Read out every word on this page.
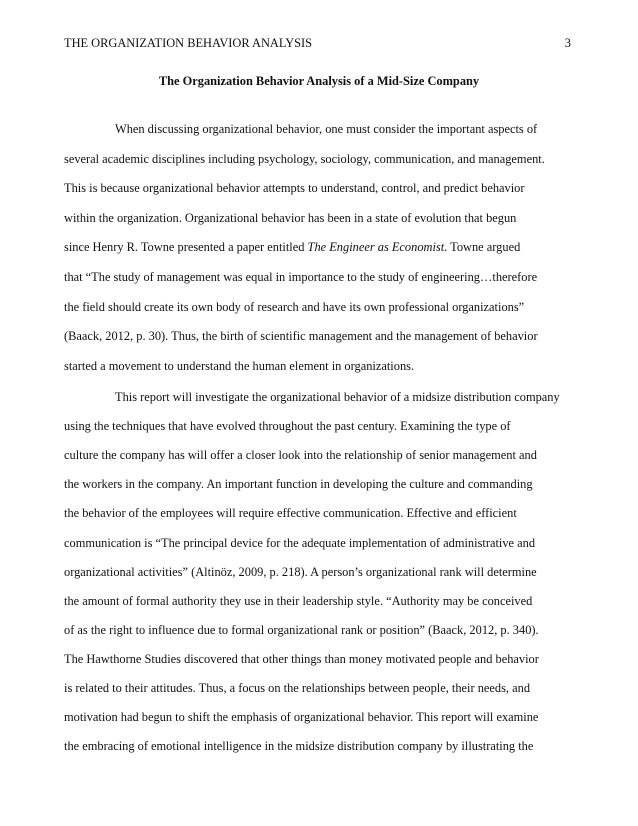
THE ORGANIZATION BEHAVIOR ANALYSIS	3
The Organization Behavior Analysis of a Mid-Size Company
When discussing organizational behavior, one must consider the important aspects of
several academic disciplines including psychology, sociology, communication, and management.
This is because organizational behavior attempts to understand, control, and predict behavior
within the organization. Organizational behavior has been in a state of evolution that begun
since Henry R. Towne presented a paper entitled The Engineer as Economist. Towne argued
that “The study of management was equal in importance to the study of engineering…therefore
the field should create its own body of research and have its own professional organizations”
(Baack, 2012, p. 30). Thus, the birth of scientific management and the management of behavior
started a movement to understand the human element in organizations.
This report will investigate the organizational behavior of a midsize distribution company
using the techniques that have evolved throughout the past century. Examining the type of
culture the company has will offer a closer look into the relationship of senior management and
the workers in the company. An important function in developing the culture and commanding
the behavior of the employees will require effective communication. Effective and efficient
communication is “The principal device for the adequate implementation of administrative and
organizational activities” (Altinöz, 2009, p. 218). A person’s organizational rank will determine
the amount of formal authority they use in their leadership style. “Authority may be conceived
of as the right to influence due to formal organizational rank or position” (Baack, 2012, p. 340).
The Hawthorne Studies discovered that other things than money motivated people and behavior
is related to their attitudes. Thus, a focus on the relationships between people, their needs, and
motivation had begun to shift the emphasis of organizational behavior. This report will examine
the embracing of emotional intelligence in the midsize distribution company by illustrating the
